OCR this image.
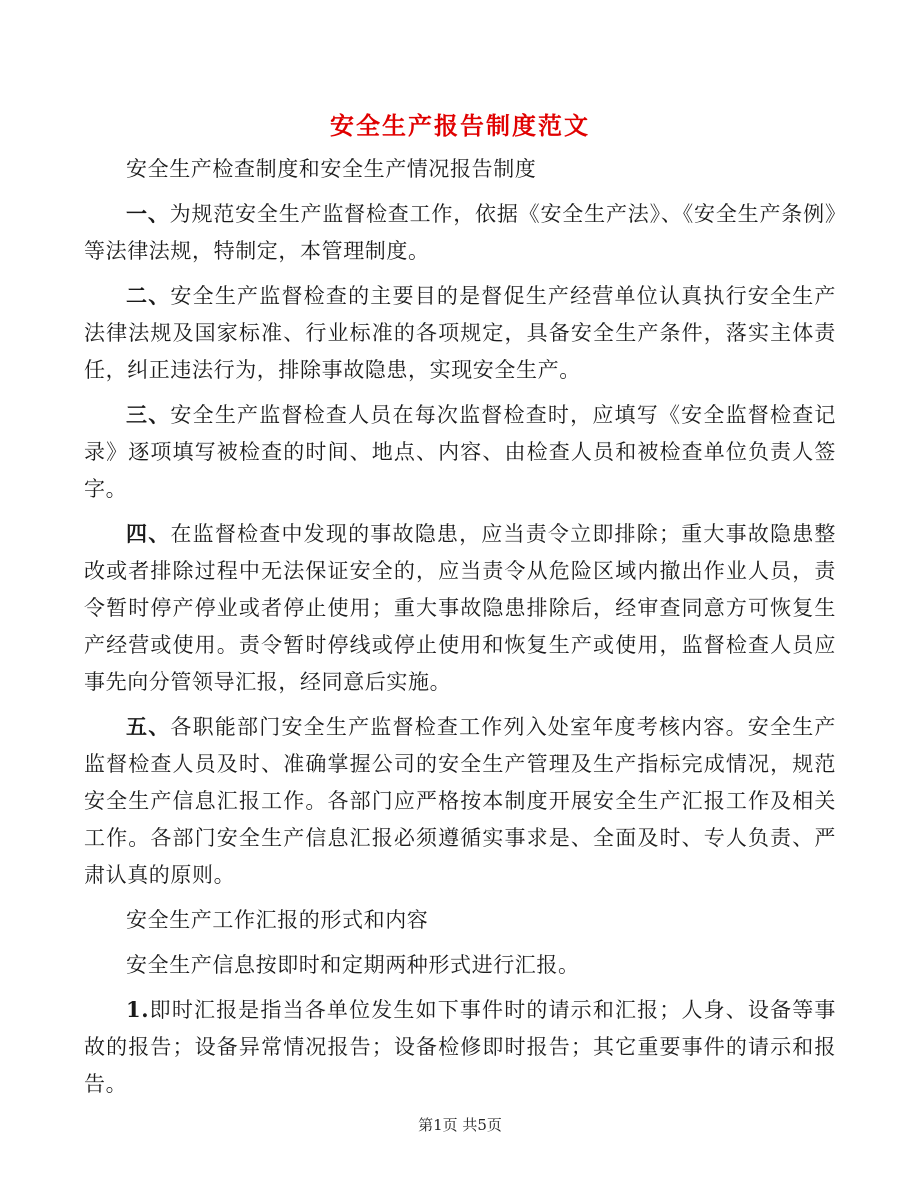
安全生产报告制度范文

安全生产检查制度和安全生产情况报告制度

一、为规范安全生产监督检查工作，依据《安全生产法》、《安全生产条例》等法律法规，特制定，本管理制度。

二、安全生产监督检查的主要目的是督促生产经营单位认真执行安全生产法律法规及国家标准、行业标准的各项规定，具备安全生产条件，落实主体责任，纠正违法行为，排除事故隐患，实现安全生产。

三、安全生产监督检查人员在每次监督检查时，应填写《安全监督检查记录》逐项填写被检查的时间、地点、内容、由检查人员和被检查单位负责人签字。

四、在监督检查中发现的事故隐患，应当责令立即排除；重大事故隐患整改或者排除过程中无法保证安全的，应当责令从危险区域内撤出作业人员，责令暂时停产停业或者停止使用；重大事故隐患排除后，经审查同意方可恢复生产经营或使用。责令暂时停线或停止使用和恢复生产或使用，监督检查人员应事先向分管领导汇报，经同意后实施。

五、各职能部门安全生产监督检查工作列入处室年度考核内容。安全生产监督检查人员及时、准确掌握公司的安全生产管理及生产指标完成情况，规范安全生产信息汇报工作。各部门应严格按本制度开展安全生产汇报工作及相关工作。各部门安全生产信息汇报必须遵循实事求是、全面及时、专人负责、严肃认真的原则。

安全生产工作汇报的形式和内容

安全生产信息按即时和定期两种形式进行汇报。

1.即时汇报是指当各单位发生如下事件时的请示和汇报；人身、设备等事故的报告；设备异常情况报告；设备检修即时报告；其它重要事件的请示和报告。

第1页 共5页
